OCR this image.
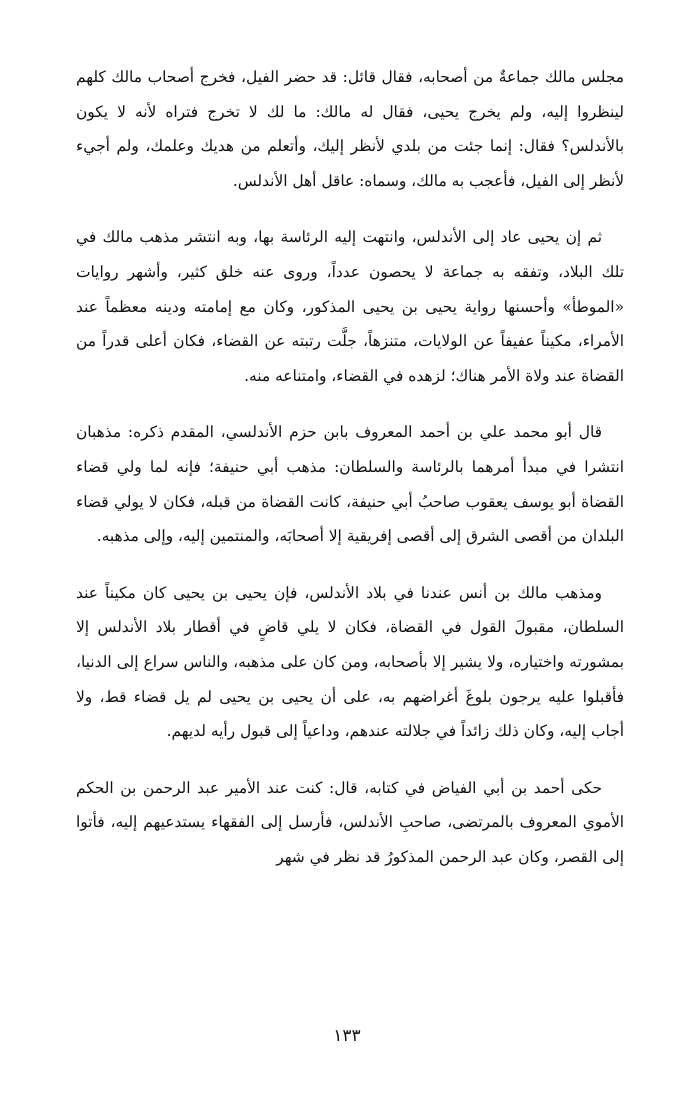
مجلس مالك جماعةٌ من أصحابه، فقال قائل: قد حضر الفيل، فخرج أصحاب مالك كلهم لينظروا إليه، ولم يخرج يحيى، فقال له مالك: ما لك لا تخرج فتراه لأنه لا يكون بالأندلس؟ فقال: إنما جئت من بلدي لأنظر إليك، وأتعلم من هديك وعلمك، ولم أجيء لأنظر إلى الفيل، فأعجب به مالك، وسماه: عاقل أهل الأندلس.

ثم إن يحيى عاد إلى الأندلس، وانتهت إليه الرئاسة بها، وبه انتشر مذهب مالك في تلك البلاد، وتفقه به جماعة لا يحصون عدداً، وروى عنه خلق كثير، وأشهر روايات «الموطأ» وأحسنها رواية يحيى بن يحيى المذكور، وكان مع إمامته ودينه معظماً عند الأمراء، مكيناً عفيفاً عن الولايات، متنزهاً، جلَّت رتبته عن القضاء، فكان أعلى قدراً من القضاة عند ولاة الأمر هناك؛ لزهده في القضاء، وامتناعه منه.

قال أبو محمد علي بن أحمد المعروف بابن حزم الأندلسي، المقدم ذكره: مذهبان انتشرا في مبدأ أمرهما بالرئاسة والسلطان: مذهب أبي حنيفة؛ فإنه لما ولي قضاء القضاة أبو يوسف يعقوب صاحبُ أبي حنيفة، كانت القضاة من قبله، فكان لا يولي قضاء البلدان من أقصى الشرق إلى أقصى إفريقية إلا أصحابَه، والمنتمين إليه، وإلى مذهبه.

ومذهب مالك بن أنس عندنا في بلاد الأندلس، فإن يحيى بن يحيى كان مكيناً عند السلطان، مقبولَ القول في القضاة، فكان لا يلي قاضٍ في أقطار بلاد الأندلس إلا بمشورته واختياره، ولا يشير إلا بأصحابه، ومن كان على مذهبه، والناس سراع إلى الدنيا، فأقبلوا عليه يرجون بلوغَ أغراضهم به، على أن يحيى بن يحيى لم يل قضاء قط، ولا أجاب إليه، وكان ذلك زائداً في جلالته عندهم، وداعياً إلى قبول رأيه لديهم.

حكى أحمد بن أبي الفياض في كتابه، قال: كنت عند الأمير عبد الرحمن بن الحكم الأموي المعروف بالمرتضى، صاحبِ الأندلس، فأرسل إلى الفقهاء يستدعيهم إليه، فأتوا إلى القصر، وكان عبد الرحمن المذكورُ قد نظر في شهر

١٣٣
